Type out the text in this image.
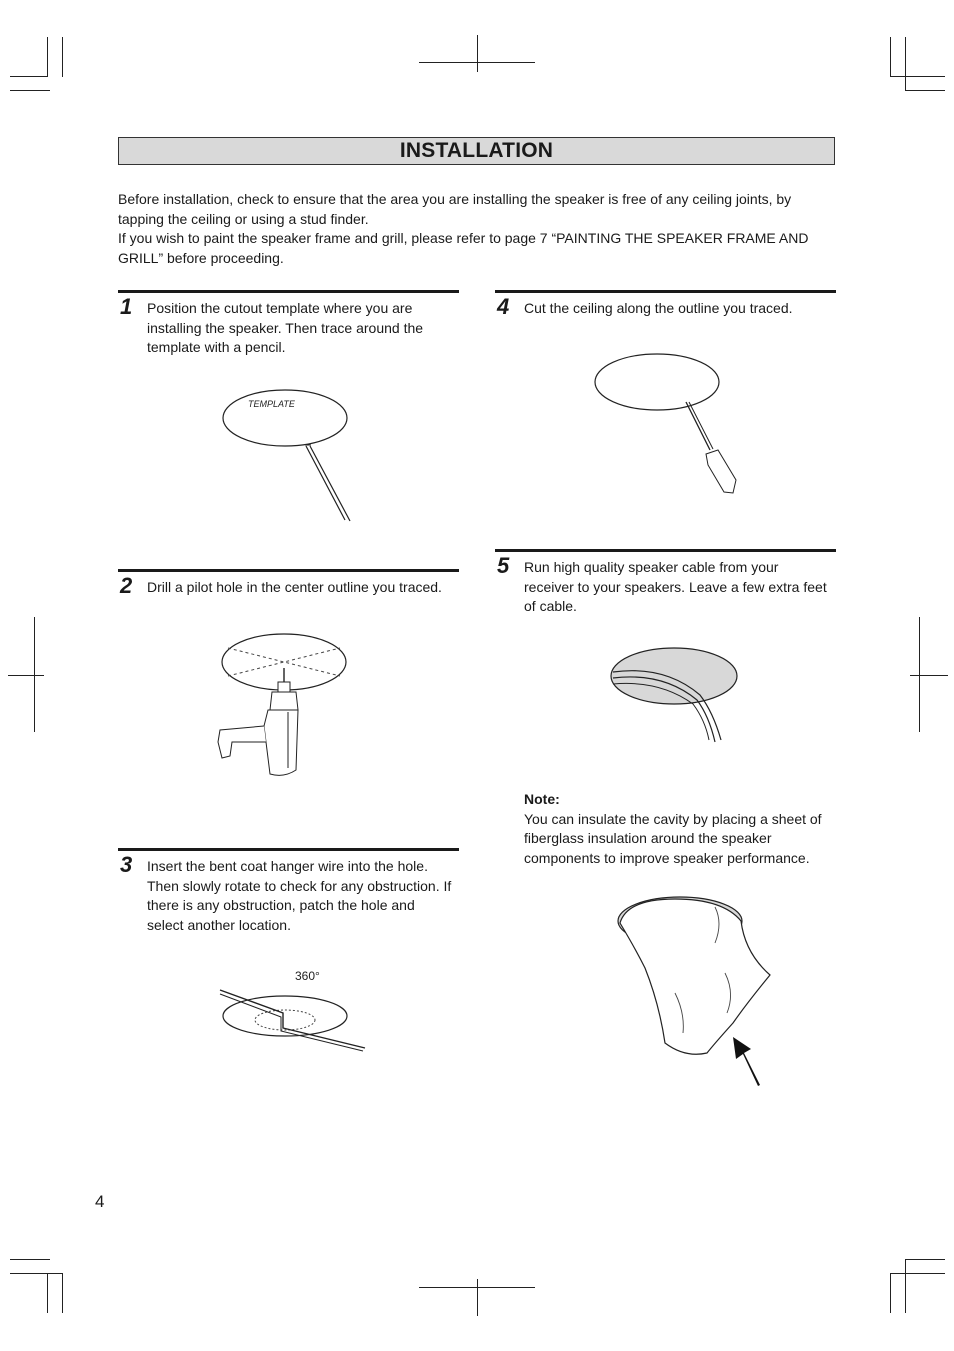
INSTALLATION

Before installation, check to ensure that the area you are installing the speaker is free of any ceiling joints, by tapping the ceiling or using a stud finder.

If you wish to paint the speaker frame and grill, please refer to page 7 “PAINTING THE SPEAKER FRAME AND GRILL” before proceeding.

1 Position the cutout template where you are

installing the speaker. Then trace around the

template with a pencil.

2 Drill a pilot hole in the center outline you traced.

3 Insert the bent coat hanger wire into the hole.

Then slowly rotate to check for any obstruction. If

there is any obstruction, patch the hole and

select another location.

4 Cut the ceiling along the outline you traced.

5 Run high quality speaker cable from your

receiver to your speakers. Leave a few extra feet

of cable.

TEMPLATE
360°

Note:

You can insulate the cavity by placing a sheet of

fiberglass insulation around the speaker

components to improve speaker performance.

4
